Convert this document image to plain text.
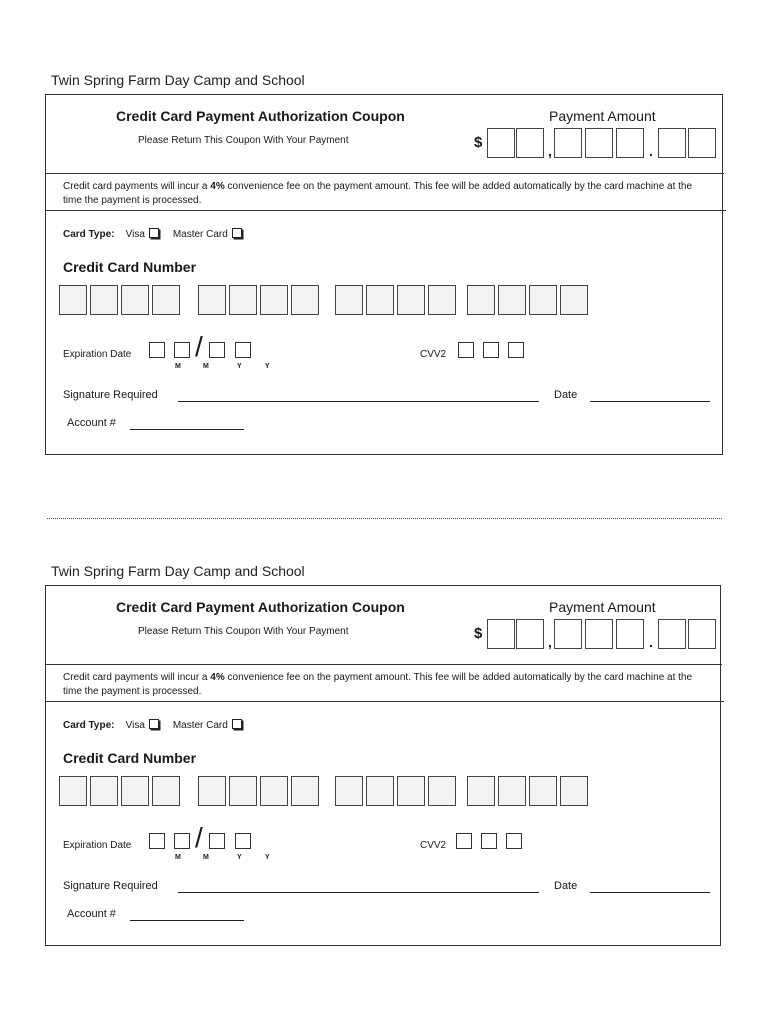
Twin Spring Farm Day Camp and School
Credit Card Payment Authorization Coupon
Please Return This Coupon With Your Payment
Payment Amount
$	,	.
Credit card payments will incur a 4% convenience fee on the payment amount. This fee will be added automatically by the card machine at the time the payment is processed.
Card Type: Visa	Master Card
Credit Card Number
Expiration Date /
M	M	Y	Y
CVV2
Signature Required	Date
Account #
Twin Spring Farm Day Camp and School
Credit Card Payment Authorization Coupon
Please Return This Coupon With Your Payment
Payment Amount
$	,	.
Credit card payments will incur a 4% convenience fee on the payment amount. This fee will be added automatically by the card machine at the time the payment is processed.
Card Type: Visa	Master Card
Credit Card Number
Expiration Date /
M	M	Y	Y
CVV2
Signature Required	Date
Account #
